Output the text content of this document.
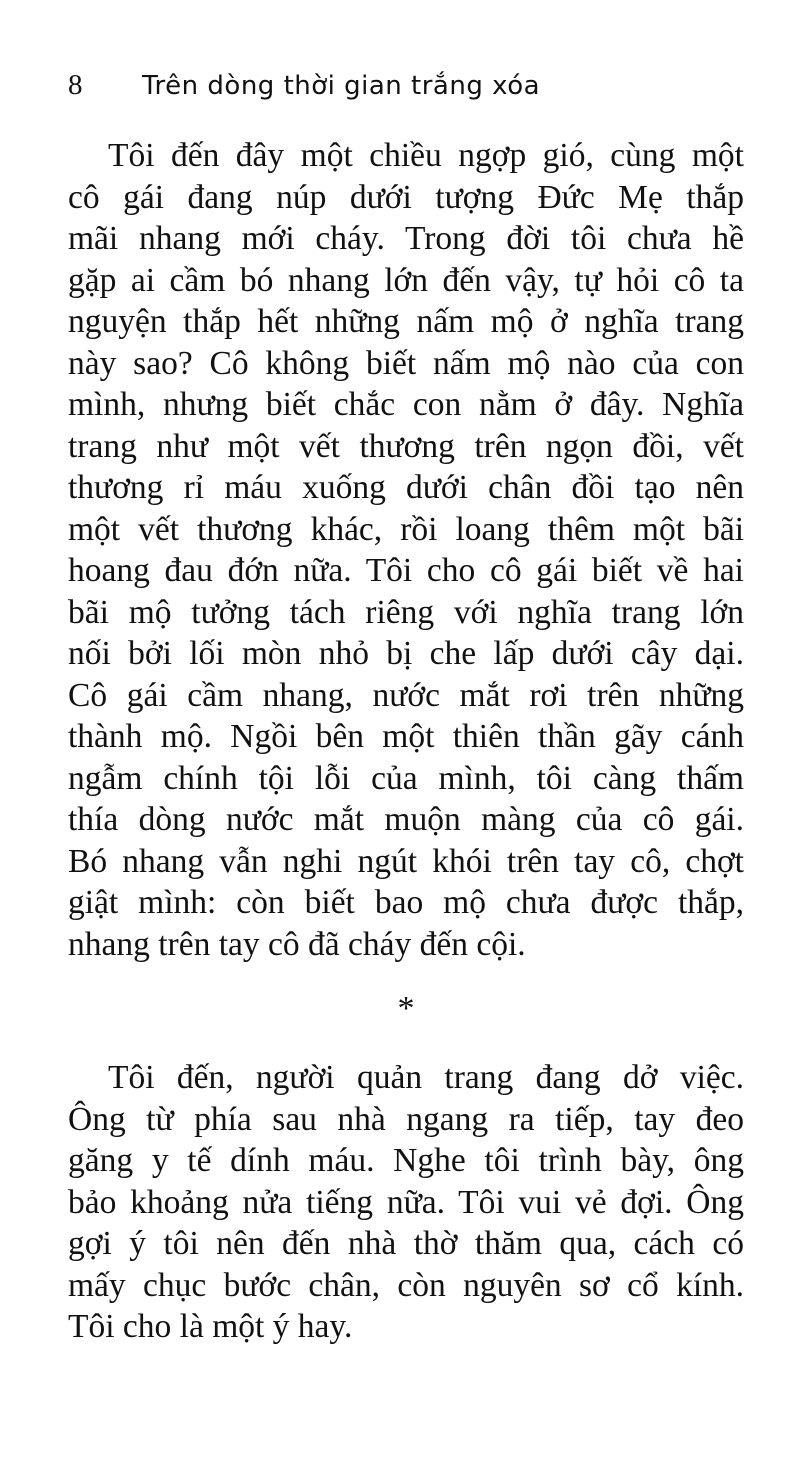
8 Trên dòng thời gian trắng xóa
Tôi đến đây một chiều ngợp gió, cùng một
cô gái đang núp dưới tượng Đức Mẹ thắp
mãi nhang mới cháy. Trong đời tôi chưa hề
gặp ai cầm bó nhang lớn đến vậy, tự hỏi cô ta
nguyện thắp hết những nấm mộ ở nghĩa trang
này sao? Cô không biết nấm mộ nào của con
mình, nhưng biết chắc con nằm ở đây. Nghĩa
trang như một vết thương trên ngọn đồi, vết
thương rỉ máu xuống dưới chân đồi tạo nên
một vết thương khác, rồi loang thêm một bãi
hoang đau đớn nữa. Tôi cho cô gái biết về hai
bãi mộ tưởng tách riêng với nghĩa trang lớn
nối bởi lối mòn nhỏ bị che lấp dưới cây dại.
Cô gái cầm nhang, nước mắt rơi trên những
thành mộ. Ngồi bên một thiên thần gãy cánh
ngẫm chính tội lỗi của mình, tôi càng thấm
thía dòng nước mắt muộn màng của cô gái.
Bó nhang vẫn nghi ngút khói trên tay cô, chợt
giật mình: còn biết bao mộ chưa được thắp,
nhang trên tay cô đã cháy đến cội.
*
Tôi đến, người quản trang đang dở việc.
Ông từ phía sau nhà ngang ra tiếp, tay đeo
găng y tế dính máu. Nghe tôi trình bày, ông
bảo khoảng nửa tiếng nữa. Tôi vui vẻ đợi. Ông
gợi ý tôi nên đến nhà thờ thăm qua, cách có
mấy chục bước chân, còn nguyên sơ cổ kính.
Tôi cho là một ý hay.
